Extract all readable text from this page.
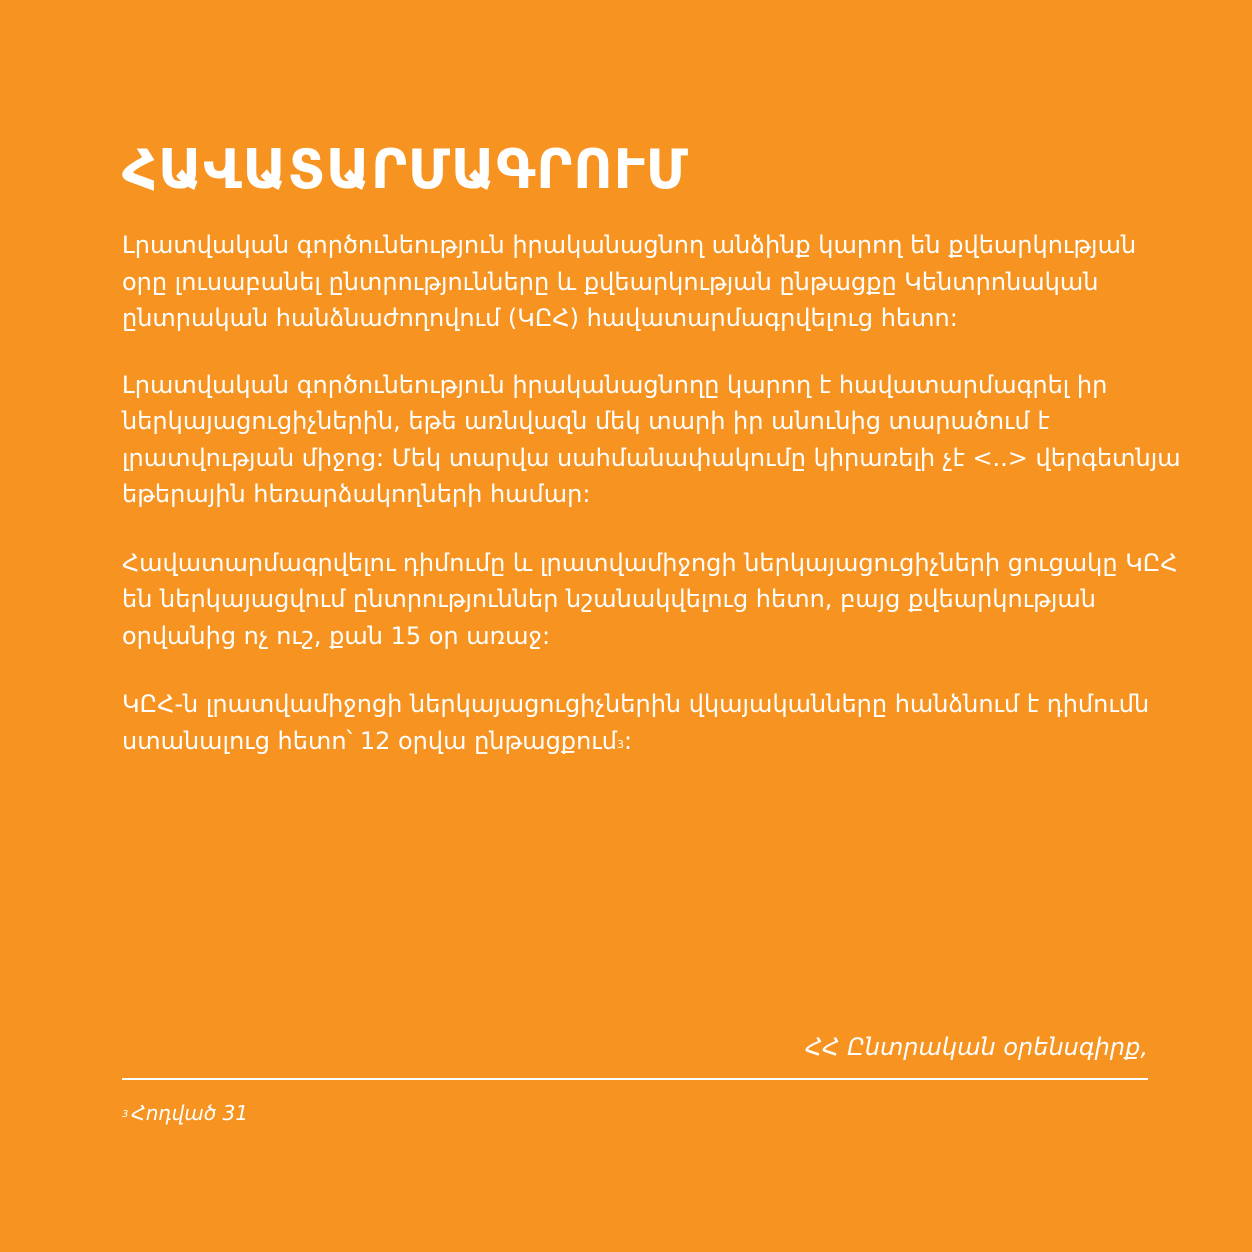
ՀԱՎԱՏԱՐՄԱԳՐՈՒՄ

Լրատվական գործունեություն իրականացնող անձինք կարող են քվեարկության օրը լուսաբանել ընտրությունները և քվեարկության ընթացքը Կենտրոնական ընտրական հանձնաժողովում (ԿԸՀ) հավատարմագրվելուց հետո:

Լրատվական գործունեություն իրականացնողը կարող է հավատարմագրել իր ներկայացուցիչներին, եթե առնվազն մեկ տարի իր անունից տարածում է լրատվության միջոց: Մեկ տարվա սահմանափակումը կիրառելի չէ <..> վերգետնյա եթերային հեռարձակողների համար:

Հավատարմագրվելու դիմումը և լրատվամիջոցի ներկայացուցիչների ցուցակը ԿԸՀ են ներկայացվում ընտրություններ նշանակվելուց հետո, բայց քվեարկության օրվանից ոչ ուշ, քան 15 օր առաջ:

ԿԸՀ-ն լրատվամիջոցի ներկայացուցիչներին վկայականները հանձնում է դիմումն ստանալուց հետո՝ 12 օրվա ընթացքում$^3$:

ՀՀ Ընտրական օրենսգիրք,
$^3$ Հոդված 31
